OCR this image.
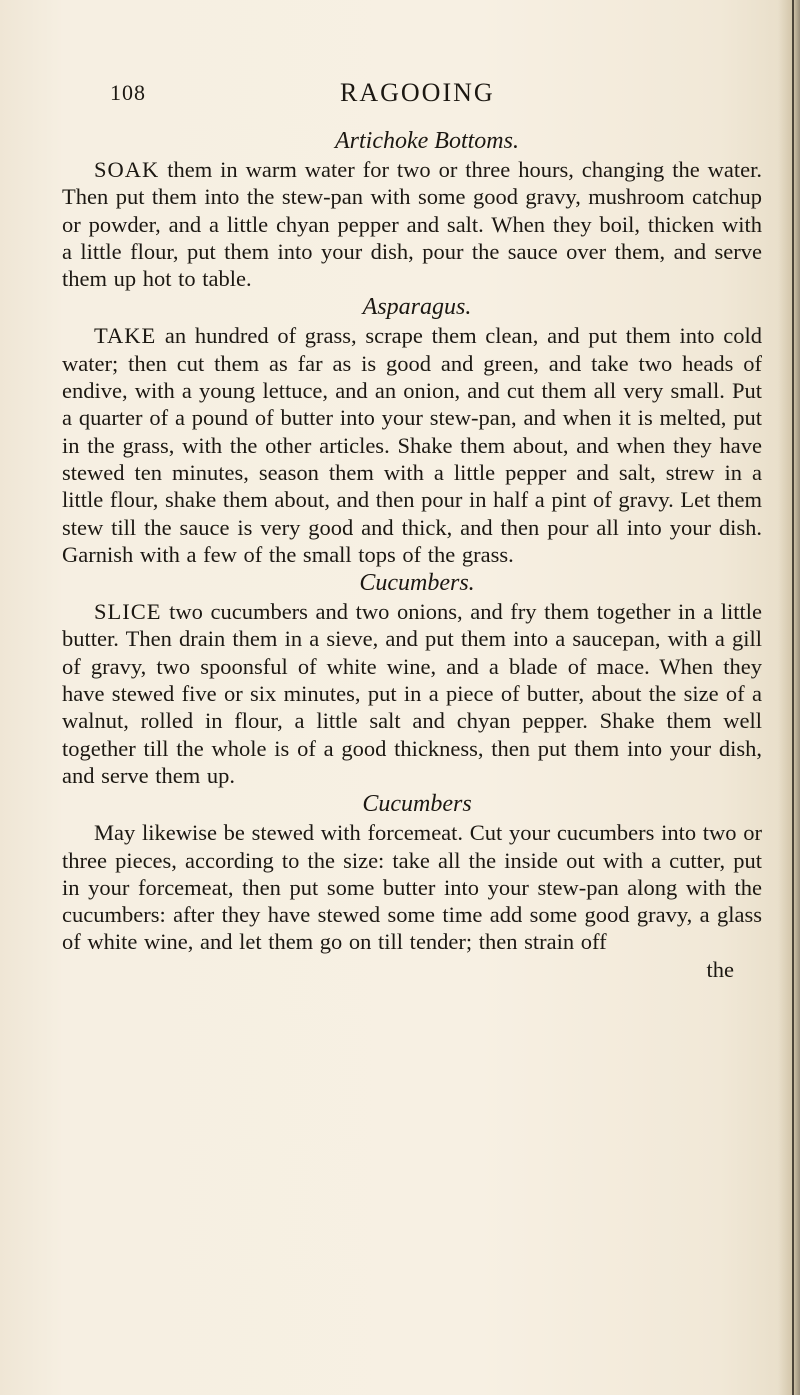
108	RAGOOING

Artichoke Bottoms.

SOAK them in warm water for two or three hours, changing the water. Then put them into the stew-pan with some good gravy, mushroom catchup or powder, and a little chyan pepper and salt. When they boil, thicken with a little flour, put them into your dish, pour the sauce over them, and serve them up hot to table.

Asparagus.

TAKE an hundred of grass, scrape them clean, and put them into cold water; then cut them as far as is good and green, and take two heads of endive, with a young lettuce, and an onion, and cut them all very small. Put a quarter of a pound of butter into your stew-pan, and when it is melted, put in the grass, with the other articles. Shake them about, and when they have stewed ten minutes, season them with a little pepper and salt, strew in a little flour, shake them about, and then pour in half a pint of gravy. Let them stew till the sauce is very good and thick, and then pour all into your dish. Garnish with a few of the small tops of the grass.

Cucumbers.

SLICE two cucumbers and two onions, and fry them together in a little butter. Then drain them in a sieve, and put them into a saucepan, with a gill of gravy, two spoonsful of white wine, and a blade of mace. When they have stewed five or six minutes, put in a piece of butter, about the size of a walnut, rolled in flour, a little salt and chyan pepper. Shake them well together till the whole is of a good thickness, then put them into your dish, and serve them up.

Cucumbers

May likewise be stewed with forcemeat. Cut your cucumbers into two or three pieces, according to the size: take all the inside out with a cutter, put in your forcemeat, then put some butter into your stew-pan along with the cucumbers: after they have stewed some time add some good gravy, a glass of white wine, and let them go on till tender; then strain off

the
